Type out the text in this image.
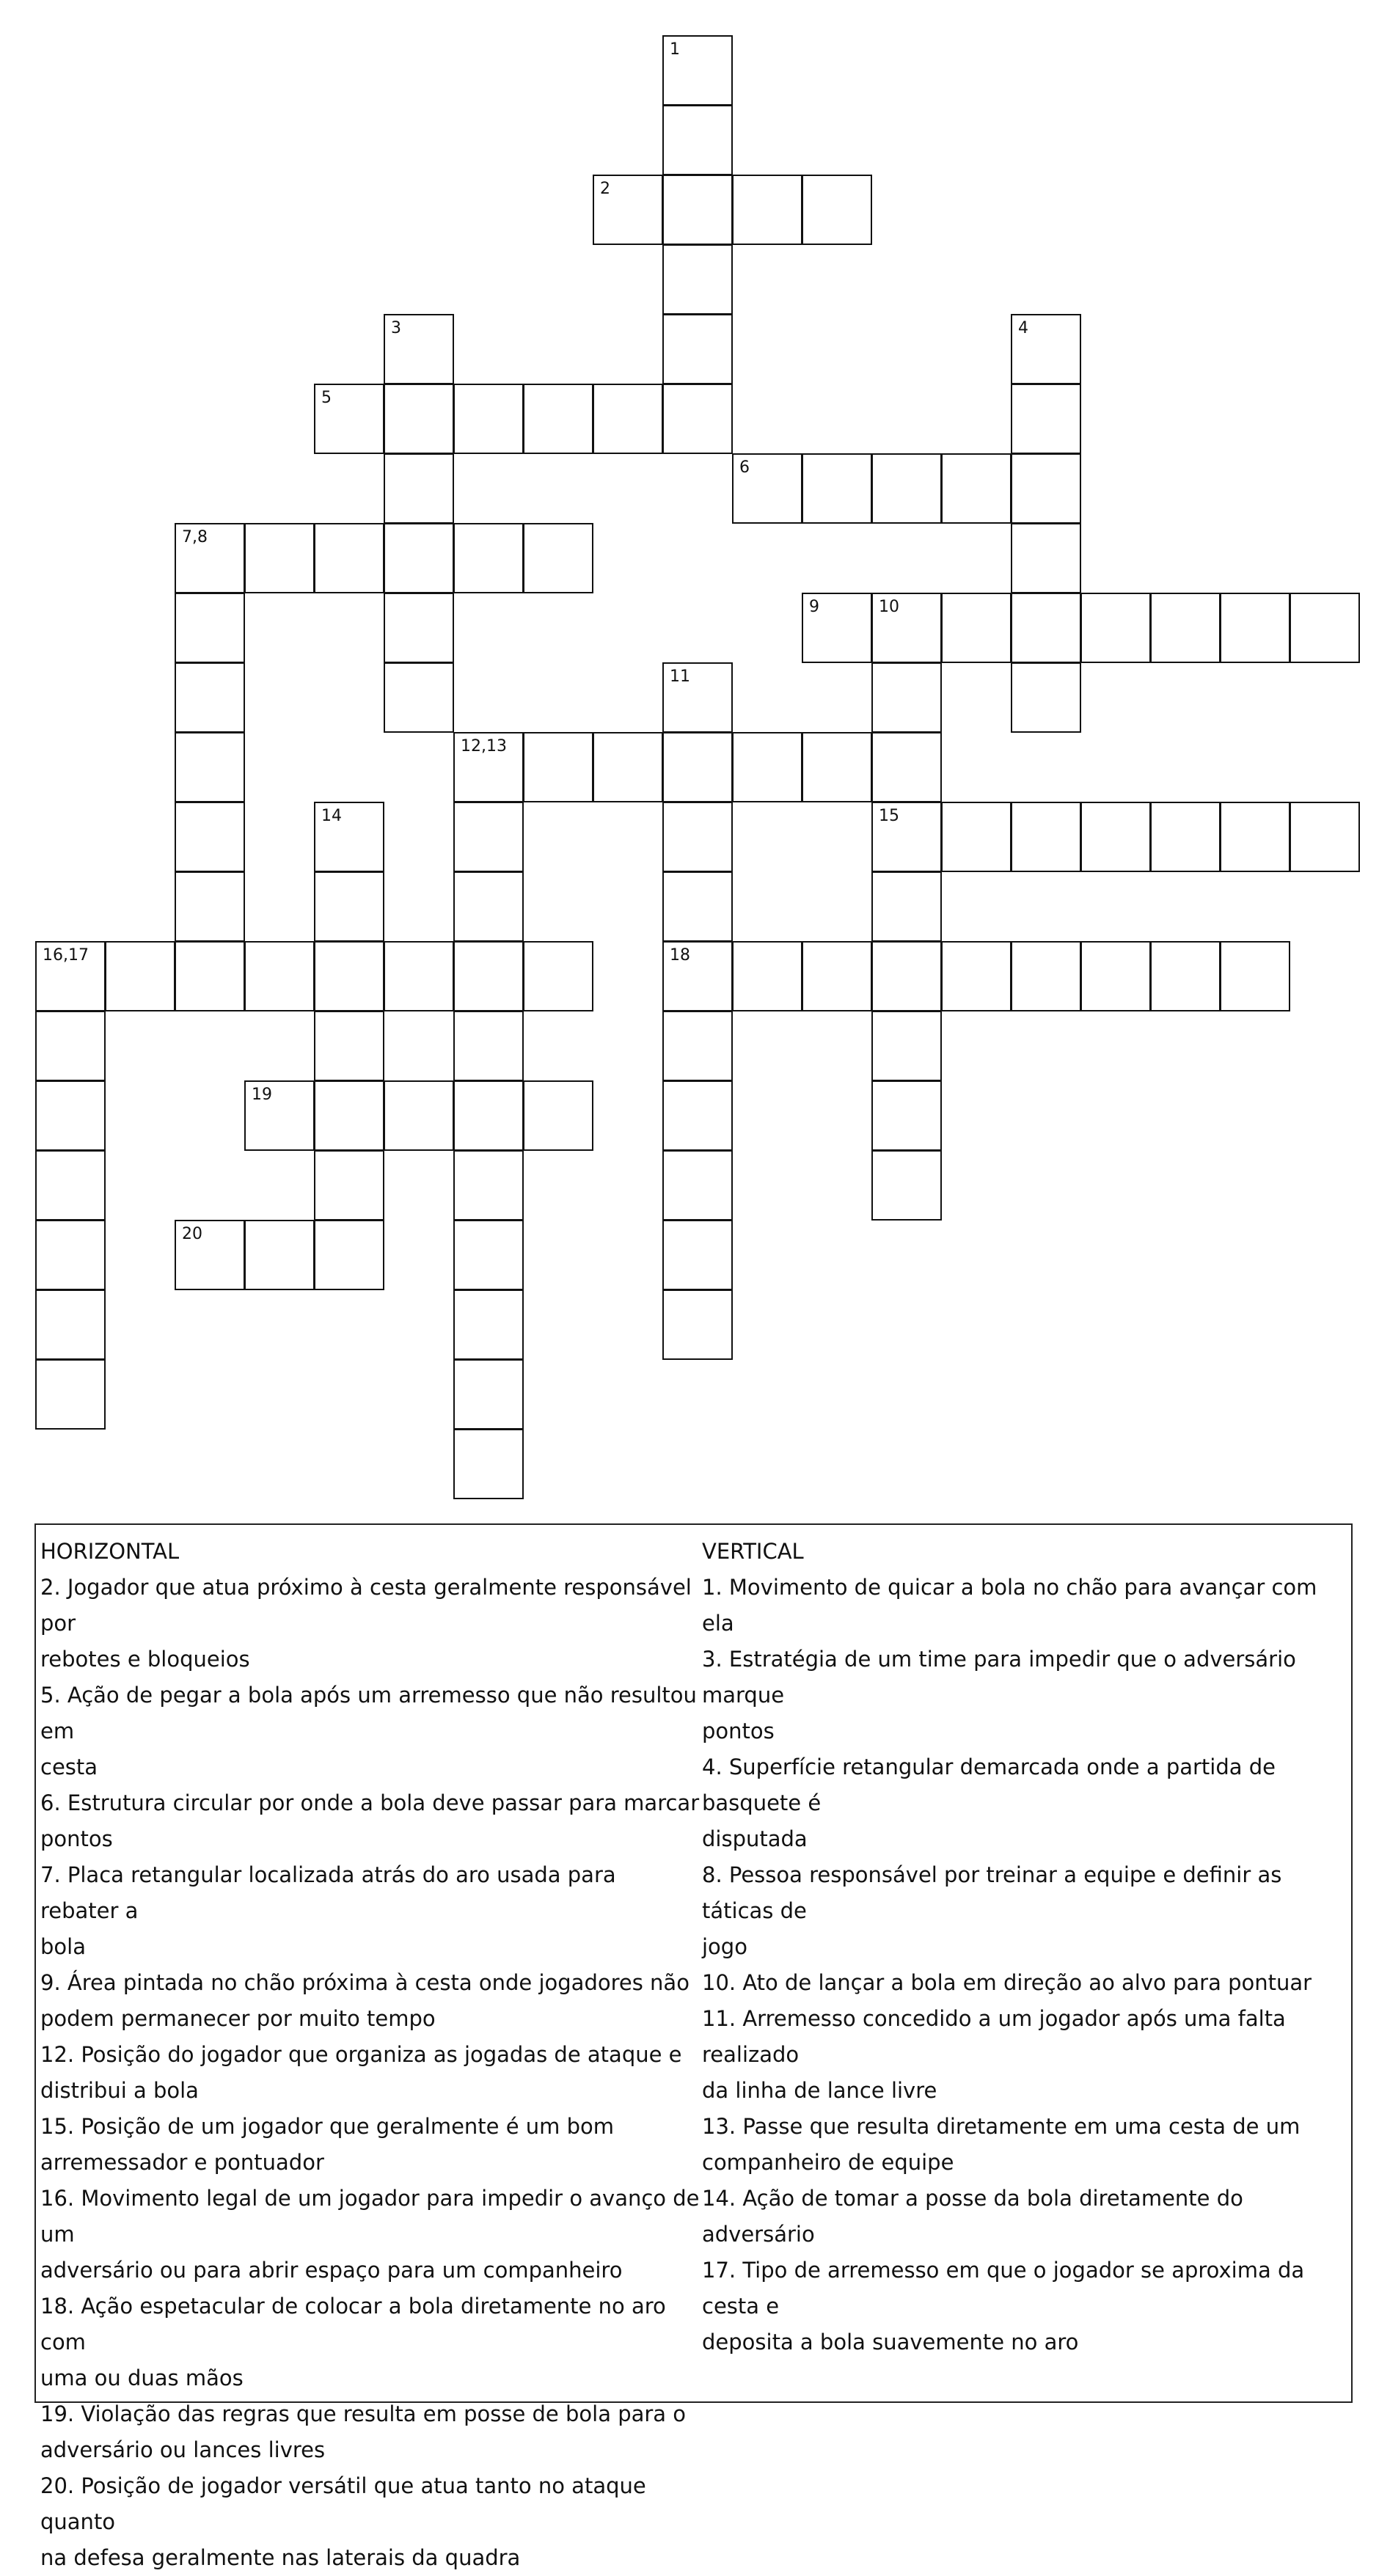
1
2
3	4
5
6
7,8
9	10
11
12,13
14	15
16,17	18
19
20

HORIZONTAL

2. Jogador que atua próximo à cesta geralmente responsável por

rebotes e bloqueios

5. Ação de pegar a bola após um arremesso que não resultou em

cesta

6. Estrutura circular por onde a bola deve passar para marcar

pontos

7. Placa retangular localizada atrás do aro usada para rebater a

bola

9. Área pintada no chão próxima à cesta onde jogadores não

podem permanecer por muito tempo

12. Posição do jogador que organiza as jogadas de ataque e

distribui a bola

15. Posição de um jogador que geralmente é um bom

arremessador e pontuador

16. Movimento legal de um jogador para impedir o avanço de um

adversário ou para abrir espaço para um companheiro

18. Ação espetacular de colocar a bola diretamente no aro com

uma ou duas mãos

19. Violação das regras que resulta em posse de bola para o

adversário ou lances livres

20. Posição de jogador versátil que atua tanto no ataque quanto

na defesa geralmente nas laterais da quadra

VERTICAL

1. Movimento de quicar a bola no chão para avançar com ela

3. Estratégia de um time para impedir que o adversário marque

pontos

4. Superfície retangular demarcada onde a partida de basquete é

disputada

8. Pessoa responsável por treinar a equipe e definir as táticas de

jogo

10. Ato de lançar a bola em direção ao alvo para pontuar

11. Arremesso concedido a um jogador após uma falta realizado

da linha de lance livre

13. Passe que resulta diretamente em uma cesta de um

companheiro de equipe

14. Ação de tomar a posse da bola diretamente do adversário

17. Tipo de arremesso em que o jogador se aproxima da cesta e

deposita a bola suavemente no aro
